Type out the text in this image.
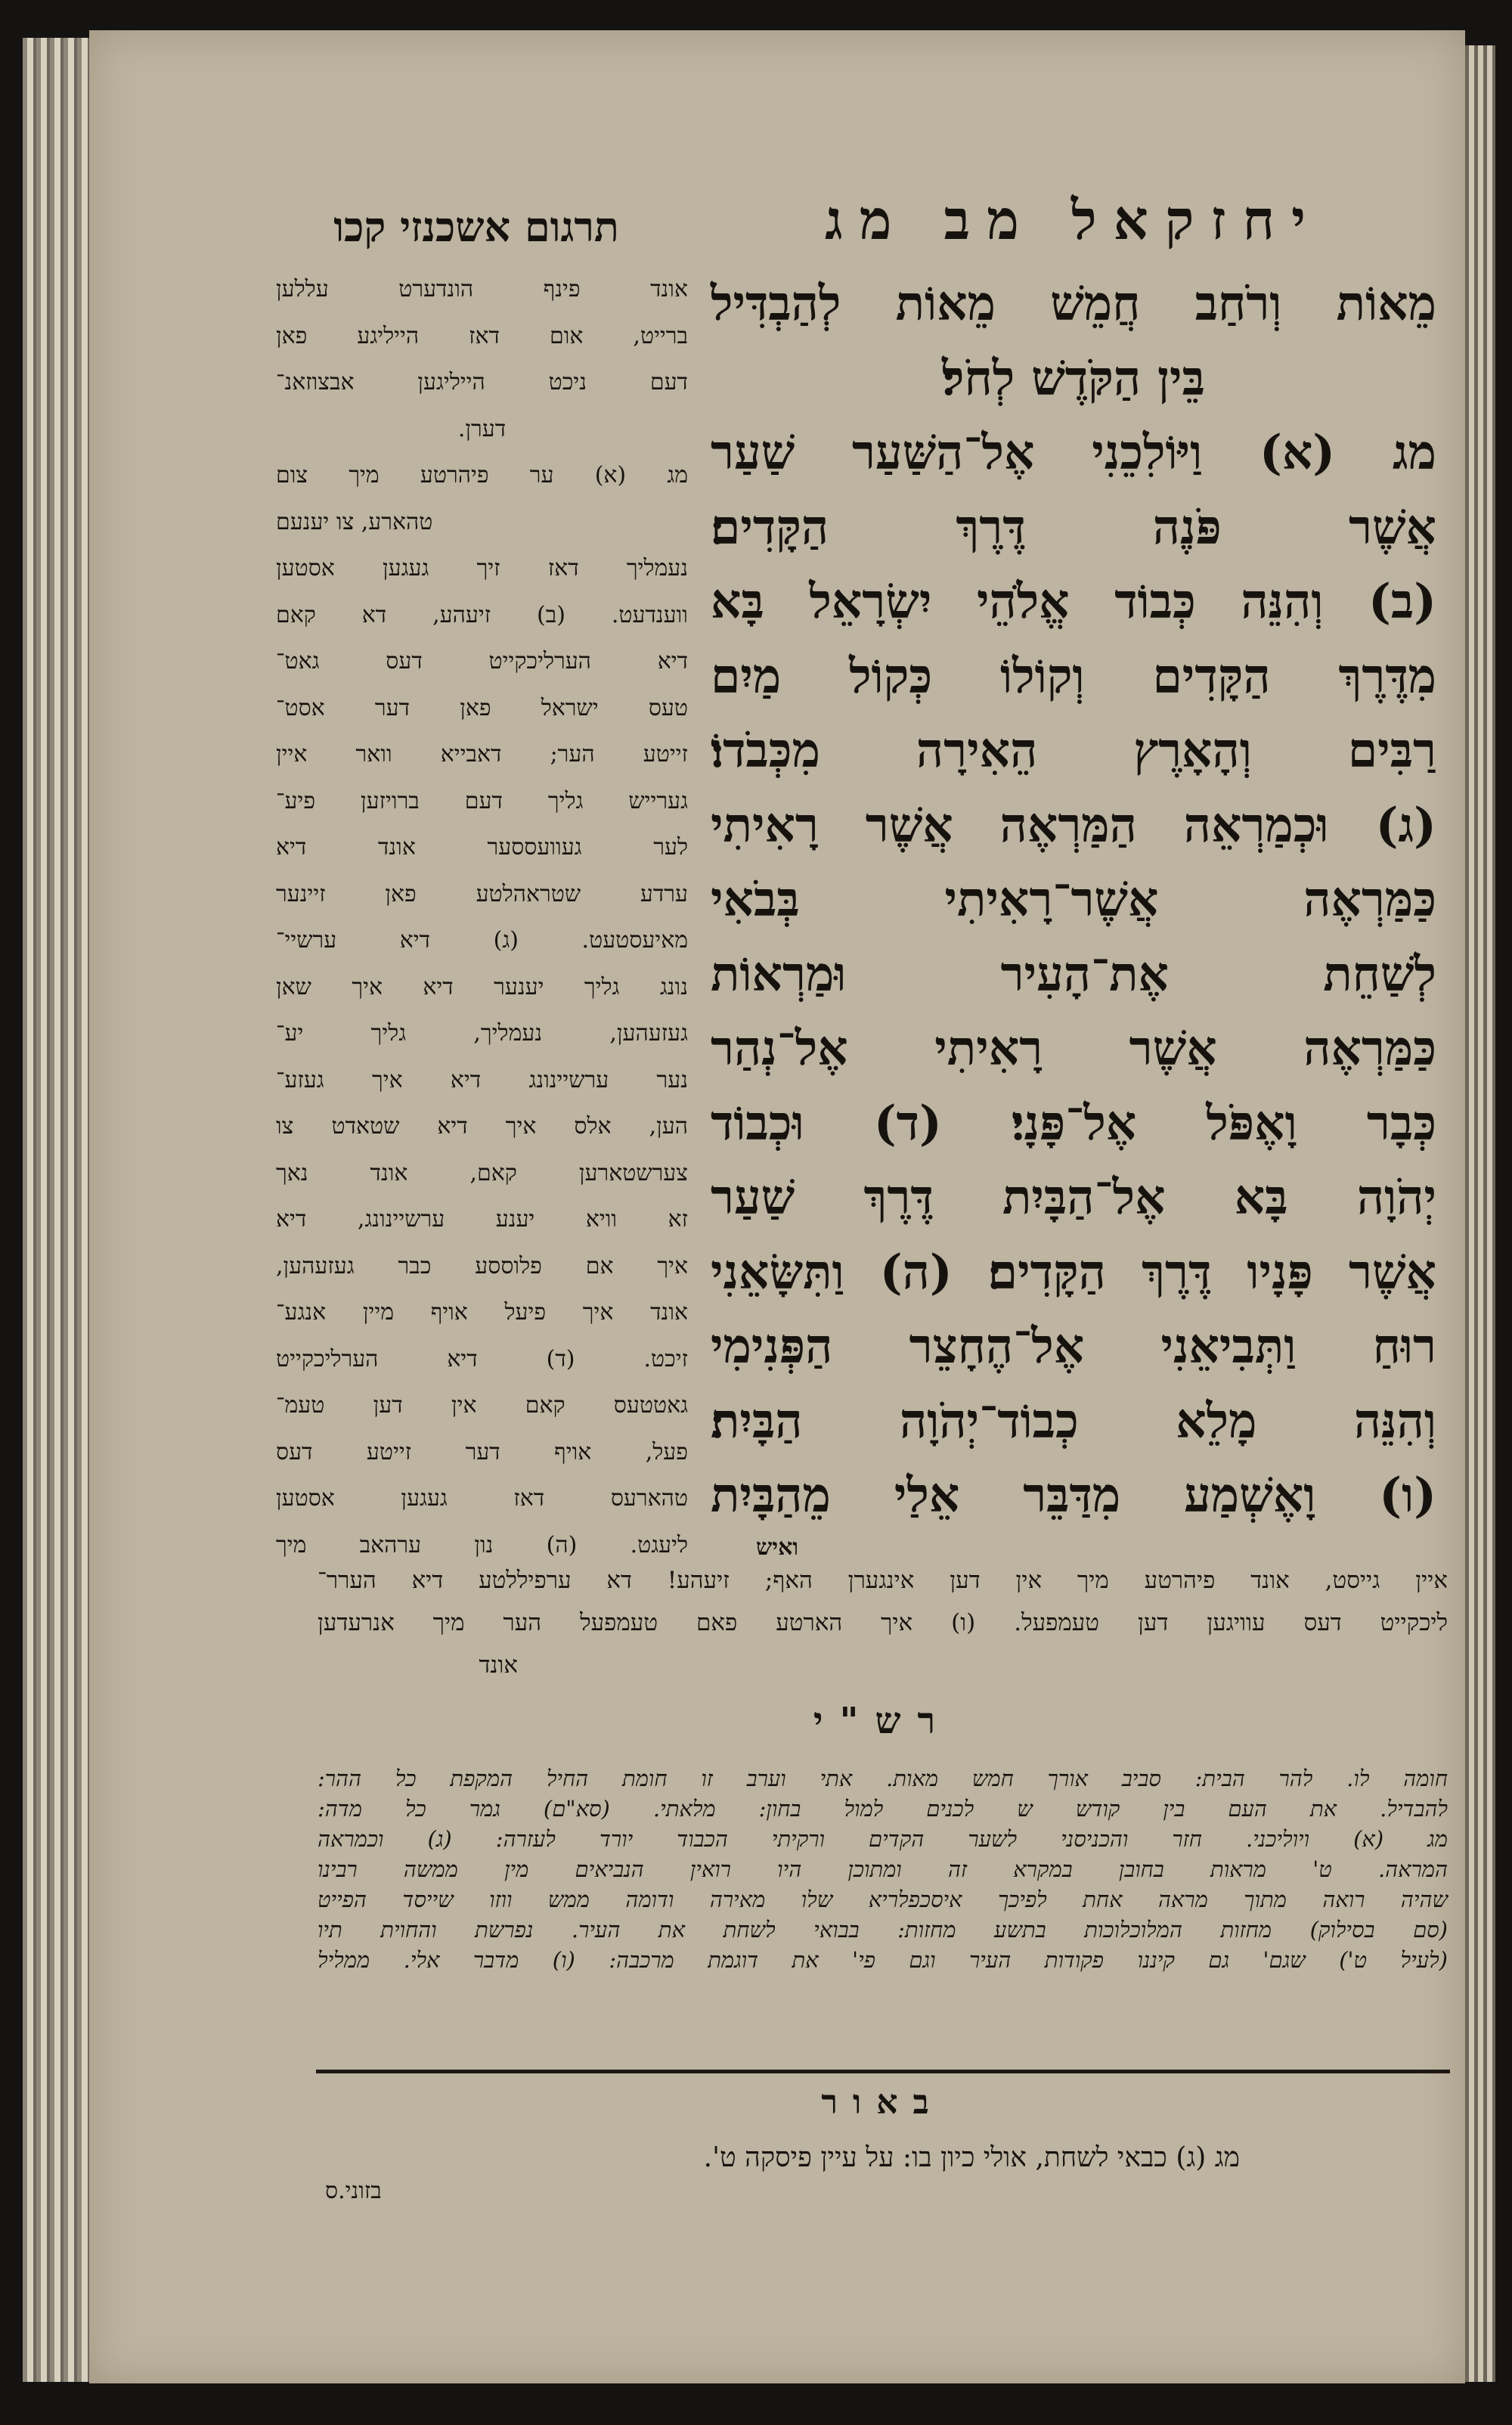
יחזקאל מב מג
תרגום אשכנזי קכו
מֵאוֹת וְרֹחַב חֲמֵשׁ מֵאוֹת לְהַבְדִּיל
בֵּין הַקֹּדֶשׁ לְחֹל׃
מג (א) וַיּוֹלִכֵנִי אֶל־הַשַּׁעַר שַׁעַר
אֲשֶׁר פֹּנֶה דֶּרֶךְ הַקָּדִים׃
(ב) וְהִנֵּה כְּבוֹד אֱלֹהֵי יִשְׂרָאֵל בָּא
מִדֶּרֶךְ הַקָּדִים וְקוֹלוֹ כְּקוֹל מַיִם
רַבִּים וְהָאָרֶץ הֵאִירָה מִכְּבֹדוֹ׃
(ג) וּכְמַרְאֵה הַמַּרְאֶה אֲשֶׁר רָאִיתִי
כַּמַּרְאֶה אֲשֶׁר־רָאִיתִי בְּבֹאִי
לְשַׁחֵת אֶת־הָעִיר וּמַרְאוֹת
כַּמַּרְאֶה אֲשֶׁר רָאִיתִי אֶל־נְהַר
כְּבָר וָאֶפֹּל אֶל־פָּנָי׃ (ד) וּכְבוֹד
יְהֹוָה בָּא אֶל־הַבָּיִת דֶּרֶךְ שַׁעַר
אֲשֶׁר פָּנָיו דֶּרֶךְ הַקָּדִים׃ (ה) וַתִּשָּׂאֵנִי
רוּחַ וַתְּבִיאֵנִי אֶל־הֶחָצֵר הַפְּנִימִי
וְהִנֵּה מָלֵא כְבוֹד־יְהֹוָה הַבָּיִת׃
(ו) וָאֶשְׁמַע מִדַּבֵּר אֵלַי מֵהַבָּיִת
ואיש
אונד פינף הונדערט עללען
ברייט, אום דאז הייליגע פאן
דעם ניכט הייליגען אבצוזאנ־
דערן.
מג (א) ער פיהרטע מיך צום
טהארע, צו יענעם
נעמליך דאז זיך געגען אסטען
ווענדעט. (ב) זיעהע, דא קאם
דיא הערליכקייט דעס גאט־
טעס ישראל פאן דער אסט־
זייטע הער; דאבייא וואר איין
גערייש גליך דעם ברויזען פיע־
לער געוועססער אונד דיא
ערדע שטראהלטע פאן זיינער
מאיעסטעט. (ג) דיא ערשיי־
נונג גליך יענער דיא איך שאן
געזעהען, נעמליך, גליך יע־
נער ערשיינונג דיא איך געזע־
הען, אלס איך דיא שטאדט צו
צערשטארען קאם, אונד נאך
זא וויא יענע ערשיינונג, דיא
איך אם פלוססע כבר געזעהען,
אונד איך פיעל אויף מיין אנגע־
זיכט. (ד) דיא הערליכקייט
גאטטעס קאם אין דען טעמ־
פעל, אויף דער זייטע דעס
טהארעס דאז געגען אסטען
ליעגט. (ה) נון ערהאב מיך
איין גייסט, אונד פיהרטע מיך אין דען אינגערן האף; זיעהע! דא ערפיללטע דיא הערר־
ליכקייט דעס עוויגען דען טעמפעל. (ו) איך הארטע פאם טעמפעל הער מיך אנרעדען
אונד
רש"י
חומה לו. להר הבית: סביב אורך חמש מאות. אתי וערב זו חומת החיל המקפת כל ההר:
להבדיל. את העם בין קודש ש לכנים למול בחון: מלאתי. (סא"ם) גמר כל מדה:
מג (א) ויוליכני. חזר והכניסני לשער הקדים ורקיתי הכבוד יורד לעזרה: (ג) וכמראה
המראה. ט' מראות בחובן במקרא זה ומתוכן היו רואין הנביאים מין ממשה רבינו
שהיה רואה מתוך מראה אחת לפיכך איסכפלריא שלו מאירה ודומה ממש ווזו שייסד הפייט
(סם בסילוק) מחזות המלוכלוכות בתשע מחזות: בבואי לשחת את העיר. נפרשת והחוית תיו
(לעיל ט') שגם' גם קיננו פקודות העיר וגם פי' את דוגמת מרכבה: (ו) מדבר אלי. ממליל
באור
מג (ג) כבאי לשחת, אולי כיון בו: על עיין פיסקה ט'.
בזוני.ס
